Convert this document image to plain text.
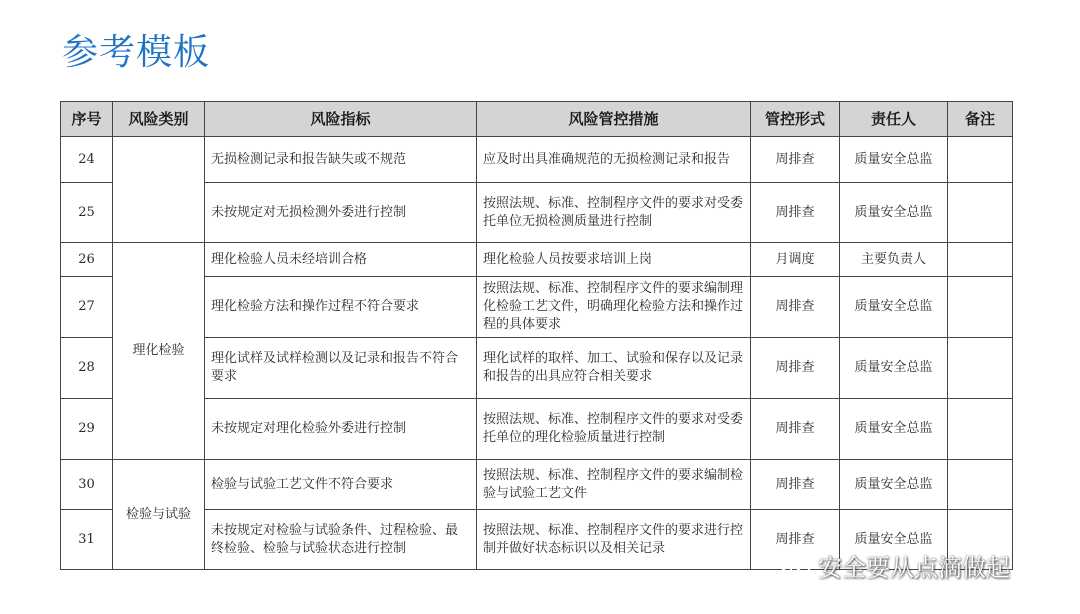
参考模板
序号	风险类别	风险指标	风险管控措施	管控形式	责任人	备注
24		无损检测记录和报告缺失或不规范	应及时出具准确规范的无损检测记录和报告	周排查	质量安全总监	
25		未按规定对无损检测外委进行控制	按照法规、标准、控制程序文件的要求对受委托单位无损检测质量进行控制	周排查	质量安全总监	
26	理化检验	理化检验人员未经培训合格	理化检验人员按要求培训上岗	月调度	主要负责人	
27		理化检验方法和操作过程不符合要求	按照法规、标准、控制程序文件的要求编制理化检验工艺文件，明确理化检验方法和操作过程的具体要求	周排查	质量安全总监	
28		理化试样及试样检测以及记录和报告不符合要求	理化试样的取样、加工、试验和保存以及记录和报告的出具应符合相关要求	周排查	质量安全总监	
29		未按规定对理化检验外委进行控制	按照法规、标准、控制程序文件的要求对受委托单位的理化检验质量进行控制	周排查	质量安全总监	
30	检验与试验	检验与试验工艺文件不符合要求	按照法规、标准、控制程序文件的要求编制检验与试验工艺文件	周排查	质量安全总监	
31		未按规定对检验与试验条件、过程检验、最终检验、检验与试验状态进行控制	按照法规、标准、控制程序文件的要求进行控制并做好状态标识以及相关记录	周排查	质量安全总监	
安全要从点滴做起
